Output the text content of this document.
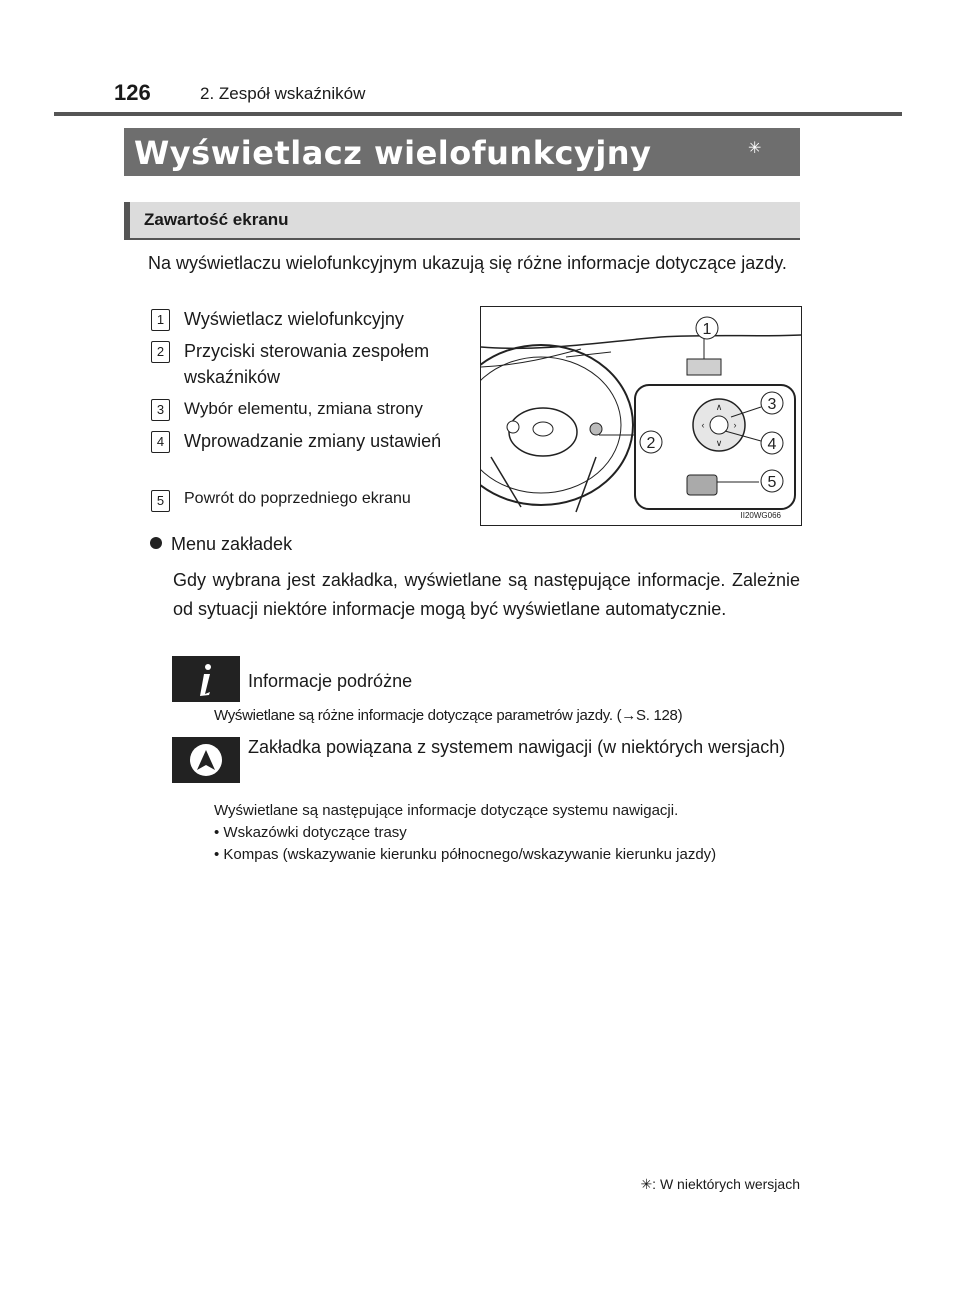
126	2. Zespół wskaźników
Wyświetlacz wielofunkcyjny	✳
Zawartość ekranu
Na wyświetlaczu wielofunkcyjnym ukazują się różne informacje dotyczące jazdy.
1	Wyświetlacz wielofunkcyjny
2	Przyciski sterowania zespołem wskaźników
3	Wybór elementu, zmiana strony
4	Wprowadzanie zmiany ustawień
5	Powrót do poprzedniego ekranu
∧
∨
‹	›
1
2
3
4
5
II20WG066
Menu zakładek
Gdy wybrana jest zakładka, wyświetlane są następujące informacje. Zależnie od sytuacji niektóre informacje mogą być wyświetlane automatycznie.
Informacje podróżne
Wyświetlane są różne informacje dotyczące parametrów jazdy. (→S. 128)
Zakładka powiązana z systemem nawigacji (w niektórych wersjach)
Wyświetlane są następujące informacje dotyczące systemu nawigacji.
• Wskazówki dotyczące trasy
• Kompas (wskazywanie kierunku północnego/wskazywanie kierunku jazdy)
✳: W niektórych wersjach
